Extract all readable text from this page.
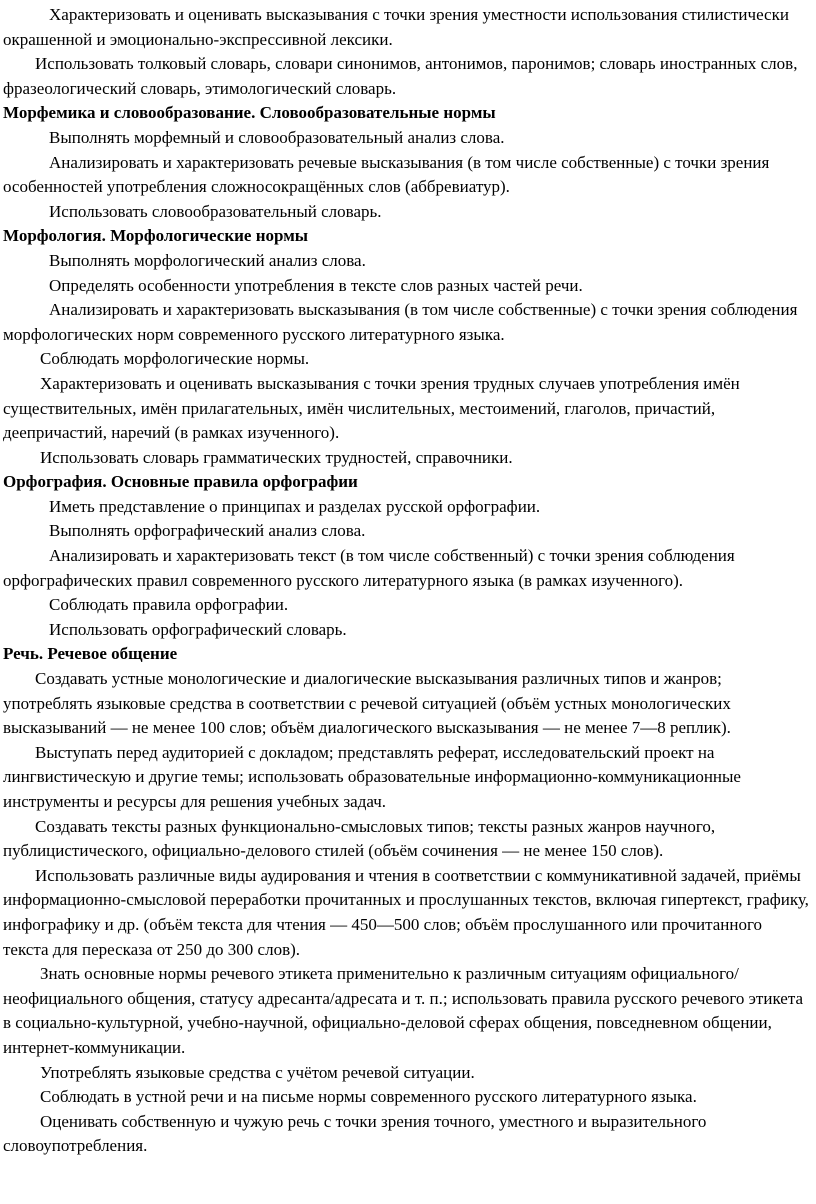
Характеризовать и оценивать высказывания с точки зрения уместности использования стилистически окрашенной и эмоционально-экспрессивной лексики.

Использовать толковый словарь, словари синонимов, антонимов, паронимов; словарь иностранных слов, фразеологический словарь, этимологический словарь.

Морфемика и словообразование. Словообразовательные нормы

Выполнять морфемный и словообразовательный анализ слова.

Анализировать и характеризовать речевые высказывания (в том числе собственные) с точки зрения особенностей употребления сложносокращённых слов (аббревиатур).

Использовать словообразовательный словарь.

Морфология. Морфологические нормы

Выполнять морфологический анализ слова.

Определять особенности употребления в тексте слов разных частей речи.

Анализировать и характеризовать высказывания (в том числе собственные) с точки зрения соблюдения морфологических норм современного русского литературного языка.

Соблюдать морфологические нормы.

Характеризовать и оценивать высказывания с точки зрения трудных случаев употребления имён существительных, имён прилагательных, имён числительных, местоимений, глаголов, причастий, деепричастий, наречий (в рамках изученного).

Использовать словарь грамматических трудностей, справочники.

Орфография. Основные правила орфографии

Иметь представление о принципах и разделах русской орфографии.

Выполнять орфографический анализ слова.

Анализировать и характеризовать текст (в том числе собственный) с точки зрения соблюдения орфографических правил современного русского литературного языка (в рамках изученного).

Соблюдать правила орфографии.

Использовать орфографический словарь.

Речь. Речевое общение

Создавать устные монологические и диалогические высказывания различных типов и жанров; употреблять языковые средства в соответствии с речевой ситуацией (объём устных монологических высказываний — не менее 100 слов; объём диалогического высказывания — не менее 7—8 реплик).

Выступать перед аудиторией с докладом; представлять реферат, исследовательский проект на лингвистическую и другие темы; использовать образовательные информационно-коммуникационные инструменты и ресурсы для решения учебных задач.

Создавать тексты разных функционально-смысловых типов; тексты разных жанров научного, публицистического, официально-делового стилей (объём сочинения — не менее 150 слов).

Использовать различные виды аудирования и чтения в соответствии с коммуникативной задачей, приёмы информационно-смысловой переработки прочитанных и прослушанных текстов, включая гипертекст, графику, инфографику и др. (объём текста для чтения — 450—500 слов; объём прослушанного или прочитанного текста для пересказа от 250 до 300 слов).

Знать основные нормы речевого этикета применительно к различным ситуациям официального/неофициального общения, статусу адресанта/адресата и т. п.; использовать правила русского речевого этикета в социально-культурной, учебно-научной, официально-деловой сферах общения, повседневном общении, интернет-коммуникации.

Употреблять языковые средства с учётом речевой ситуации.

Соблюдать в устной речи и на письме нормы современного русского литературного языка.

Оценивать собственную и чужую речь с точки зрения точного, уместного и выразительного словоупотребления.
